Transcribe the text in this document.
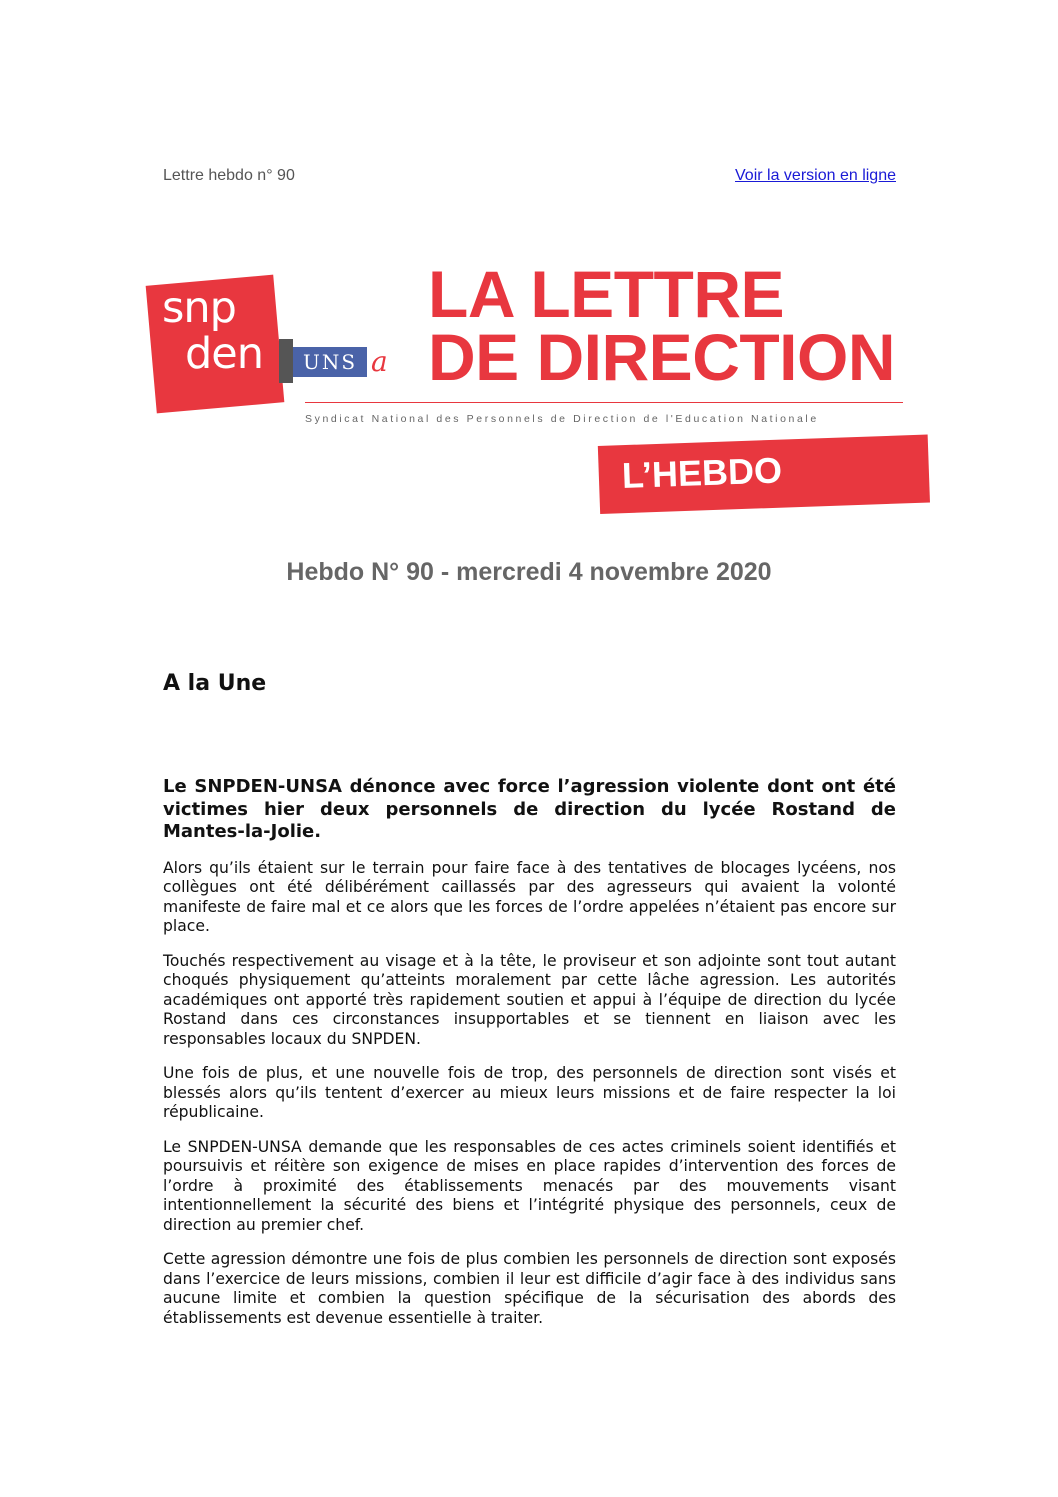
Lettre hebdo n° 90	Voir la version en ligne
snp
den	UNS a
LA LETTRE
DE DIRECTION
Syndicat National des Personnels de Direction de l'Education Nationale
L’HEBDO
Hebdo N° 90 - mercredi 4 novembre 2020
A la Une

Le SNPDEN-UNSA dénonce avec force l’agression violente dont ont été victimes hier deux personnels de direction du lycée Rostand de Mantes-la-Jolie.

Alors qu’ils étaient sur le terrain pour faire face à des tentatives de blocages lycéens, nos collègues ont été délibérément caillassés par des agresseurs qui avaient la volonté manifeste de faire mal et ce alors que les forces de l’ordre appelées n’étaient pas encore sur place.

Touchés respectivement au visage et à la tête, le proviseur et son adjointe sont tout autant choqués physiquement qu’atteints moralement par cette lâche agression. Les autorités académiques ont apporté très rapidement soutien et appui à l’équipe de direction du lycée Rostand dans ces circonstances insupportables et se tiennent en liaison avec les responsables locaux du SNPDEN.

Une fois de plus, et une nouvelle fois de trop, des personnels de direction sont visés et blessés alors qu’ils tentent d’exercer au mieux leurs missions et de faire respecter la loi républicaine.

Le SNPDEN-UNSA demande que les responsables de ces actes criminels soient identifiés et poursuivis et réitère son exigence de mises en place rapides d’intervention des forces de l’ordre à proximité des établissements menacés par des mouvements visant intentionnellement la sécurité des biens et l’intégrité physique des personnels, ceux de direction au premier chef.

Cette agression démontre une fois de plus combien les personnels de direction sont exposés dans l’exercice de leurs missions, combien il leur est difficile d’agir face à des individus sans aucune limite et combien la question spécifique de la sécurisation des abords des établissements est devenue essentielle à traiter.
